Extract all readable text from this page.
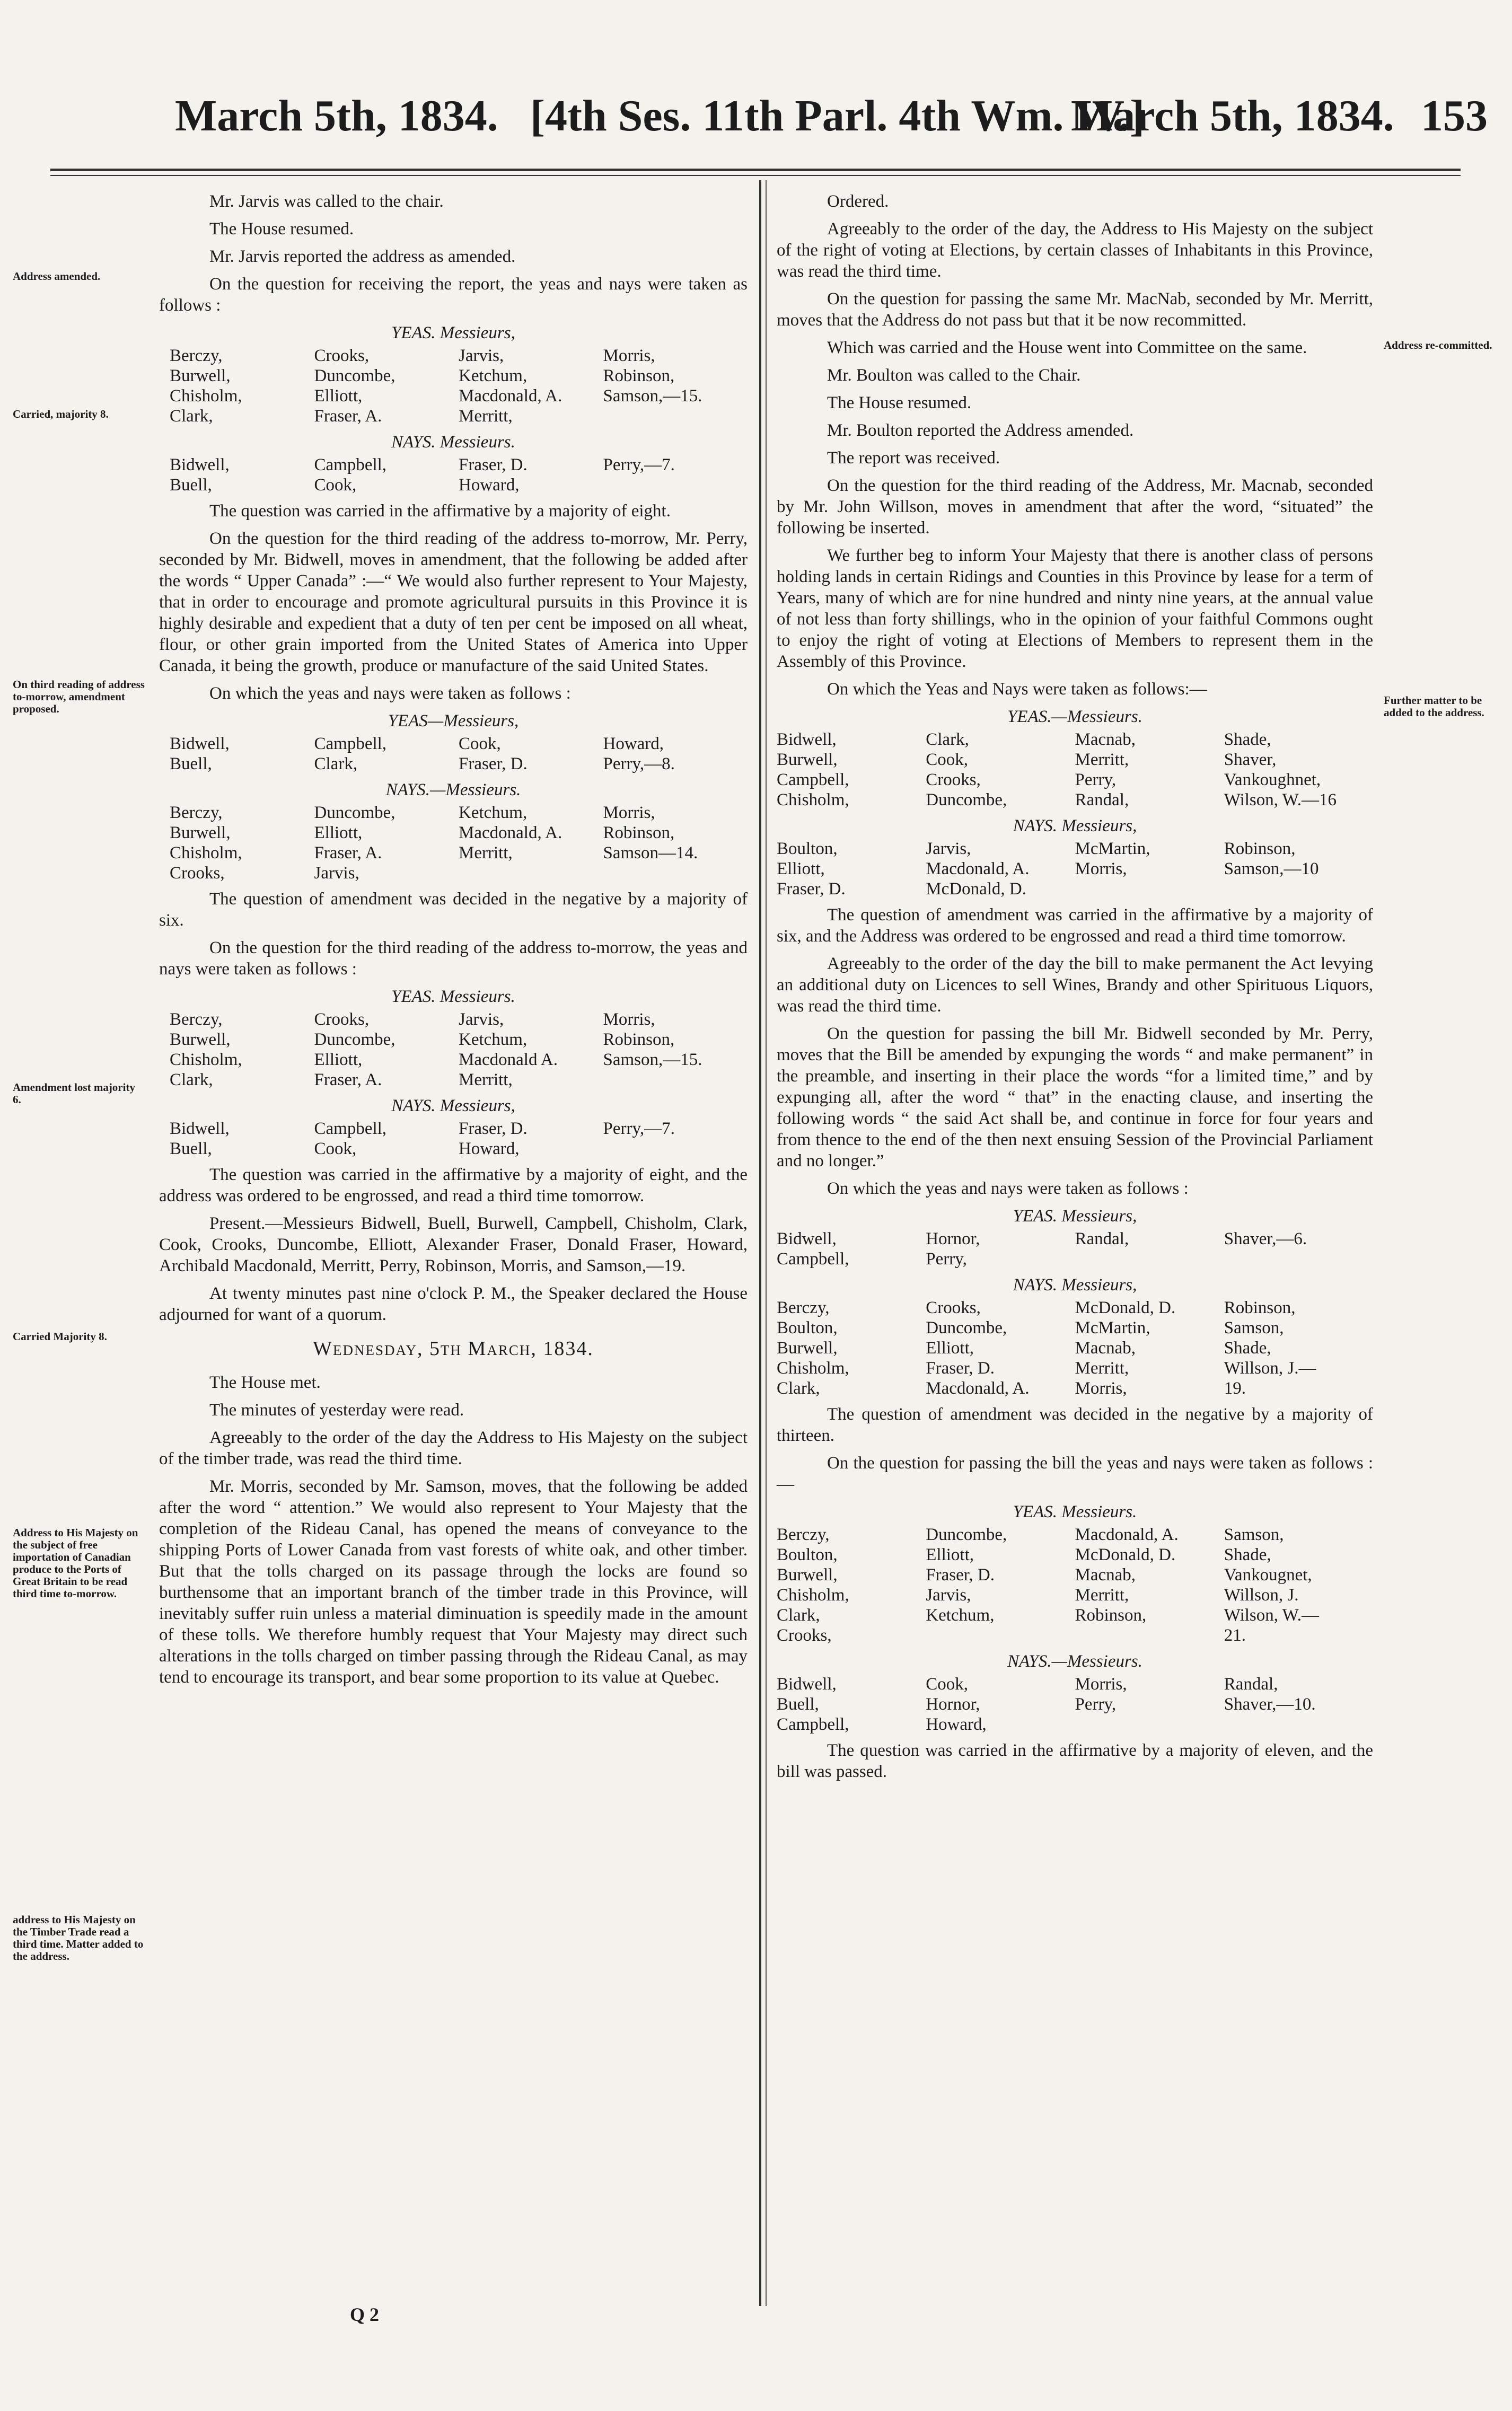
March 5th, 1834. [4th Ses. 11th Parl. 4th Wm. IV.]
March 5th, 1834. 153
Address amended.
Carried, majority 8.
On third reading of address to-morrow, amendment proposed.
Amendment lost majority 6.
Carried Majority 8.
Address to His Majesty on the subject of free importation of Canadian produce to the Ports of Great Britain to be read third time to-morrow.
address to His Majesty on the Timber Trade read a third time. Matter added to the address.
Address re-committed.
Further matter to be added to the address.

Mr. Jarvis was called to the chair.

The House resumed.

Mr. Jarvis reported the address as amended.

On the question for receiving the report, the yeas and nays were taken as follows :

YEAS. Messieurs,
Berczy,	Crooks,	Jarvis,	Morris,
Burwell,	Duncombe,	Ketchum,	Robinson,
Chisholm,	Elliott,	Macdonald, A.	Samson,—15.
Clark,	Fraser, A.	Merritt,	
NAYS. Messieurs.
Bidwell,	Campbell,	Fraser, D.	Perry,—7.
Buell,	Cook,	Howard,	

The question was carried in the affirmative by a majority of eight.

On the question for the third reading of the address to-morrow, Mr. Perry, seconded by Mr. Bidwell, moves in amendment, that the following be added after the words “ Upper Canada” :—“ We would also further represent to Your Majesty, that in order to encourage and promote agricultural pursuits in this Province it is highly desirable and expedient that a duty of ten per cent be imposed on all wheat, flour, or other grain imported from the United States of America into Upper Canada, it being the growth, produce or manufacture of the said United States.

On which the yeas and nays were taken as follows :

YEAS—Messieurs,
Bidwell,	Campbell,	Cook,	Howard,
Buell,	Clark,	Fraser, D.	Perry,—8.
NAYS.—Messieurs.
Berczy,	Duncombe,	Ketchum,	Morris,
Burwell,	Elliott,	Macdonald, A.	Robinson,
Chisholm,	Fraser, A.	Merritt,	Samson—14.
Crooks,	Jarvis,		

The question of amendment was decided in the negative by a majority of six.

On the question for the third reading of the address to-morrow, the yeas and nays were taken as follows :

YEAS. Messieurs.
Berczy,	Crooks,	Jarvis,	Morris,
Burwell,	Duncombe,	Ketchum,	Robinson,
Chisholm,	Elliott,	Macdonald A.	Samson,—15.
Clark,	Fraser, A.	Merritt,	
NAYS. Messieurs,
Bidwell,	Campbell,	Fraser, D.	Perry,—7.
Buell,	Cook,	Howard,	

The question was carried in the affirmative by a majority of eight, and the address was ordered to be engrossed, and read a third time tomorrow.

Present.—Messieurs Bidwell, Buell, Burwell, Campbell, Chisholm, Clark, Cook, Crooks, Duncombe, Elliott, Alexander Fraser, Donald Fraser, Howard, Archibald Macdonald, Merritt, Perry, Robinson, Morris, and Samson,—19.

At twenty minutes past nine o'clock P. M., the Speaker declared the House adjourned for want of a quorum.

Wednesday, 5th March, 1834.

The House met.

The minutes of yesterday were read.

Agreeably to the order of the day the Address to His Majesty on the subject of the timber trade, was read the third time.

Mr. Morris, seconded by Mr. Samson, moves, that the following be added after the word “ attention.” We would also represent to Your Majesty that the completion of the Rideau Canal, has opened the means of conveyance to the shipping Ports of Lower Canada from vast forests of white oak, and other timber. But that the tolls charged on its passage through the locks are found so burthensome that an important branch of the timber trade in this Province, will inevitably suffer ruin unless a material diminuation is speedily made in the amount of these tolls. We therefore humbly request that Your Majesty may direct such alterations in the tolls charged on timber passing through the Rideau Canal, as may tend to encourage its transport, and bear some proportion to its value at Quebec.

Q 2

Ordered.

Agreeably to the order of the day, the Address to His Majesty on the subject of the right of voting at Elections, by certain classes of Inhabitants in this Province, was read the third time.

On the question for passing the same Mr. MacNab, seconded by Mr. Merritt, moves that the Address do not pass but that it be now recommitted.

Which was carried and the House went into Committee on the same.

Mr. Boulton was called to the Chair.

The House resumed.

Mr. Boulton reported the Address amended.

The report was received.

On the question for the third reading of the Address, Mr. Macnab, seconded by Mr. John Willson, moves in amendment that after the word, “situated” the following be inserted.

We further beg to inform Your Majesty that there is another class of persons holding lands in certain Ridings and Counties in this Province by lease for a term of Years, many of which are for nine hundred and ninty nine years, at the annual value of not less than forty shillings, who in the opinion of your faithful Commons ought to enjoy the right of voting at Elections of Members to represent them in the Assembly of this Province.

On which the Yeas and Nays were taken as follows:—

YEAS.—Messieurs.
Bidwell,	Clark,	Macnab,	Shade,
Burwell,	Cook,	Merritt,	Shaver,
Campbell,	Crooks,	Perry,	Vankoughnet,
Chisholm,	Duncombe,	Randal,	Wilson, W.—16
NAYS. Messieurs,
Boulton,	Jarvis,	McMartin,	Robinson,
Elliott,	Macdonald, A.	Morris,	Samson,—10
Fraser, D.	McDonald, D.		

The question of amendment was carried in the affirmative by a majority of six, and the Address was ordered to be engrossed and read a third time tomorrow.

Agreeably to the order of the day the bill to make permanent the Act levying an additional duty on Licences to sell Wines, Brandy and other Spirituous Liquors, was read the third time.

On the question for passing the bill Mr. Bidwell seconded by Mr. Perry, moves that the Bill be amended by expunging the words “ and make permanent” in the preamble, and inserting in their place the words “for a limited time,” and by expunging all, after the word “ that” in the enacting clause, and inserting the following words “ the said Act shall be, and continue in force for four years and from thence to the end of the then next ensuing Session of the Provincial Parliament and no longer.”

On which the yeas and nays were taken as follows :

YEAS. Messieurs,
Bidwell,	Hornor,	Randal,	Shaver,—6.
Campbell,	Perry,		
NAYS. Messieurs,
Berczy,	Crooks,	McDonald, D.	Robinson,
Boulton,	Duncombe,	McMartin,	Samson,
Burwell,	Elliott,	Macnab,	Shade,
Chisholm,	Fraser, D.	Merritt,	Willson, J.—
Clark,	Macdonald, A.	Morris,	19.

The question of amendment was decided in the negative by a majority of thirteen.

On the question for passing the bill the yeas and nays were taken as follows :—

YEAS. Messieurs.
Berczy,	Duncombe,	Macdonald, A.	Samson,
Boulton,	Elliott,	McDonald, D.	Shade,
Burwell,	Fraser, D.	Macnab,	Vankougnet,
Chisholm,	Jarvis,	Merritt,	Willson, J.
Clark,	Ketchum,	Robinson,	Wilson, W.—
Crooks,			21.
NAYS.—Messieurs.
Bidwell,	Cook,	Morris,	Randal,
Buell,	Hornor,	Perry,	Shaver,—10.
Campbell,	Howard,		

The question was carried in the affirmative by a majority of eleven, and the bill was passed.
